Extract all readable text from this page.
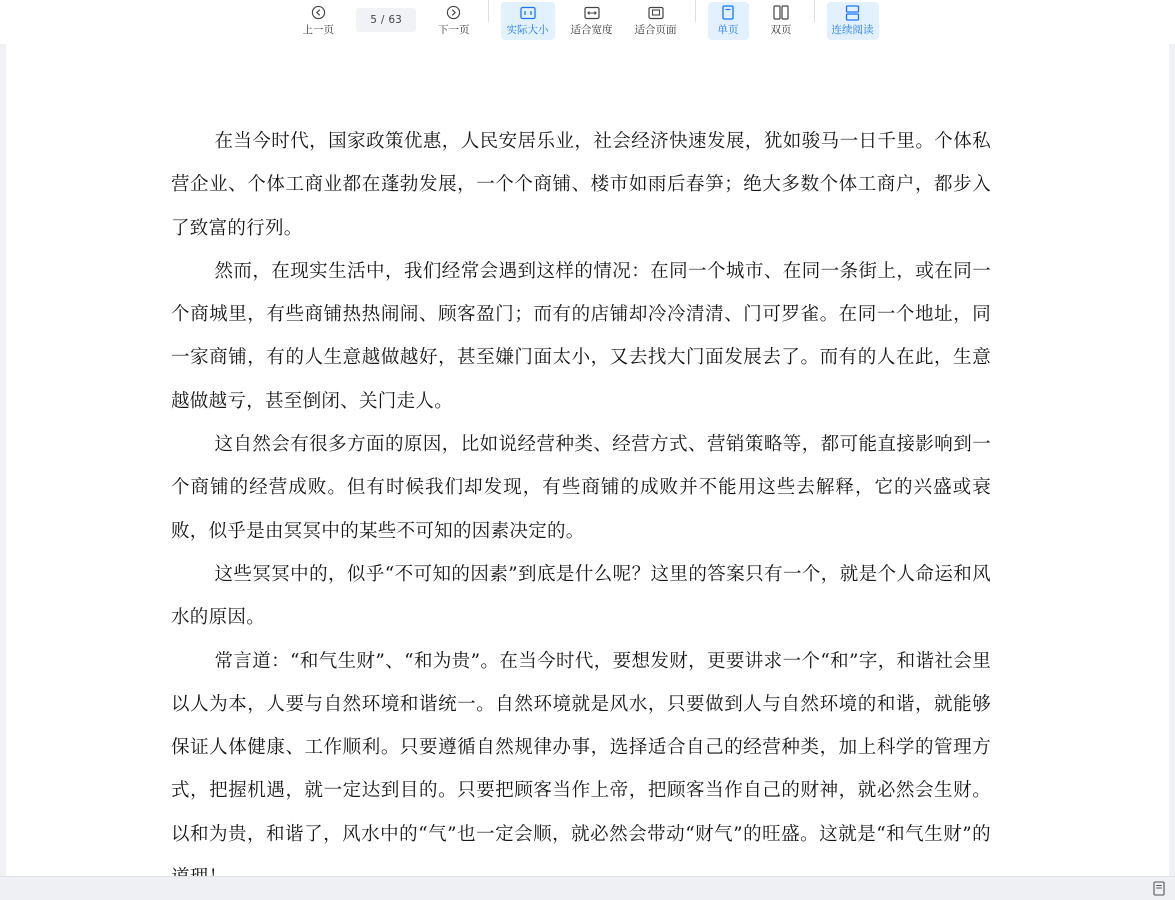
上一页
5 / 63
下一页	实际大小 适合宽度 适合页面	单页	双页	连续阅读

在当今时代，国家政策优惠，人民安居乐业，社会经济快速发展，犹如骏马一日千里。个体私营企业、个体工商业都在蓬勃发展，一个个商铺、楼市如雨后春笋；绝大多数个体工商户，都步入了致富的行列。

然而，在现实生活中，我们经常会遇到这样的情况：在同一个城市、在同一条街上，或在同一个商城里，有些商铺热热闹闹、顾客盈门；而有的店铺却冷冷清清、门可罗雀。在同一个地址，同一家商铺，有的人生意越做越好，甚至嫌门面太小，又去找大门面发展去了。而有的人在此，生意越做越亏，甚至倒闭、关门走人。

这自然会有很多方面的原因，比如说经营种类、经营方式、营销策略等，都可能直接影响到一个商铺的经营成败。但有时候我们却发现，有些商铺的成败并不能用这些去解释，它的兴盛或衰败，似乎是由冥冥中的某些不可知的因素决定的。

这些冥冥中的，似乎“不可知的因素”到底是什么呢？这里的答案只有一个，就是个人命运和风水的原因。

常言道：“和气生财”、“和为贵”。在当今时代，要想发财，更要讲求一个“和”字，和谐社会里以人为本，人要与自然环境和谐统一。自然环境就是风水，只要做到人与自然环境的和谐，就能够保证人体健康、工作顺利。只要遵循自然规律办事，选择适合自己的经营种类，加上科学的管理方式，把握机遇，就一定达到目的。只要把顾客当作上帝，把顾客当作自己的财神，就必然会生财。以和为贵，和谐了，风水中的“气”也一定会顺，就必然会带动“财气”的旺盛。这就是“和气生财”的
